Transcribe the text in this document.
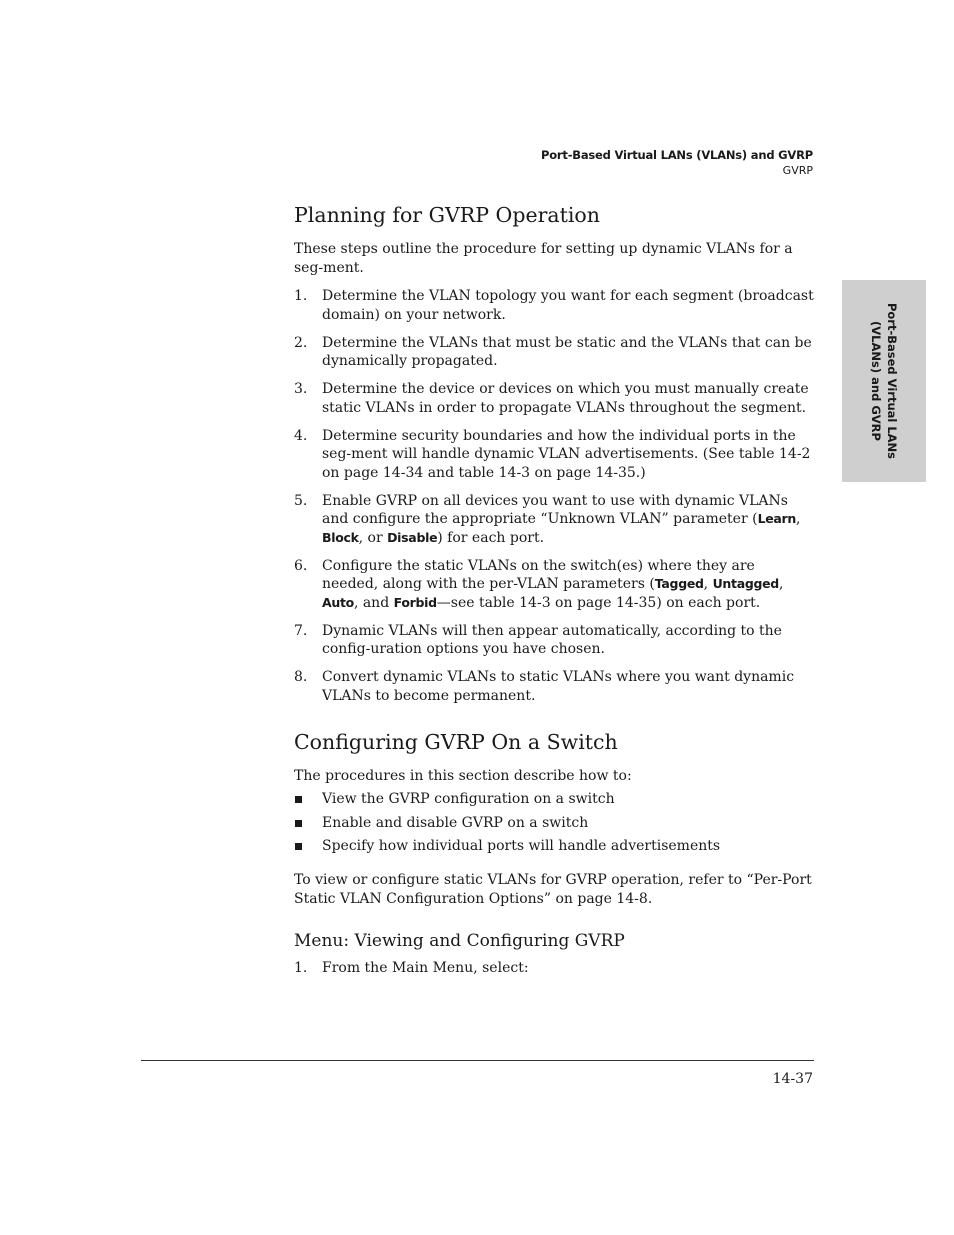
Port-Based Virtual LANs (VLANs) and GVRP
GVRP
Port-Based Virtual LANs
(VLANs) and GVRP
Planning for GVRP Operation

These steps outline the procedure for setting up dynamic VLANs for a seg-ment.

1. Determine the VLAN topology you want for each segment (broadcast domain) on your network.
2. Determine the VLANs that must be static and the VLANs that can be dynamically propagated.
3. Determine the device or devices on which you must manually create static VLANs in order to propagate VLANs throughout the segment.
4. Determine security boundaries and how the individual ports in the seg-ment will handle dynamic VLAN advertisements. (See table 14-2 on page 14-34 and table 14-3 on page 14-35.)
5. Enable GVRP on all devices you want to use with dynamic VLANs and configure the appropriate “Unknown VLAN” parameter (Learn, Block, or Disable) for each port.
6. Configure the static VLANs on the switch(es) where they are needed, along with the per-VLAN parameters (Tagged, Untagged, Auto, and Forbid—see table 14-3 on page 14-35) on each port.
7. Dynamic VLANs will then appear automatically, according to the config-uration options you have chosen.
8. Convert dynamic VLANs to static VLANs where you want dynamic VLANs to become permanent.
Configuring GVRP On a Switch

The procedures in this section describe how to:

View the GVRP configuration on a switch
Enable and disable GVRP on a switch
Specify how individual ports will handle advertisements

To view or configure static VLANs for GVRP operation, refer to “Per-Port Static VLAN Configuration Options” on page 14-8.

Menu: Viewing and Configuring GVRP
1. From the Main Menu, select:
14-37
